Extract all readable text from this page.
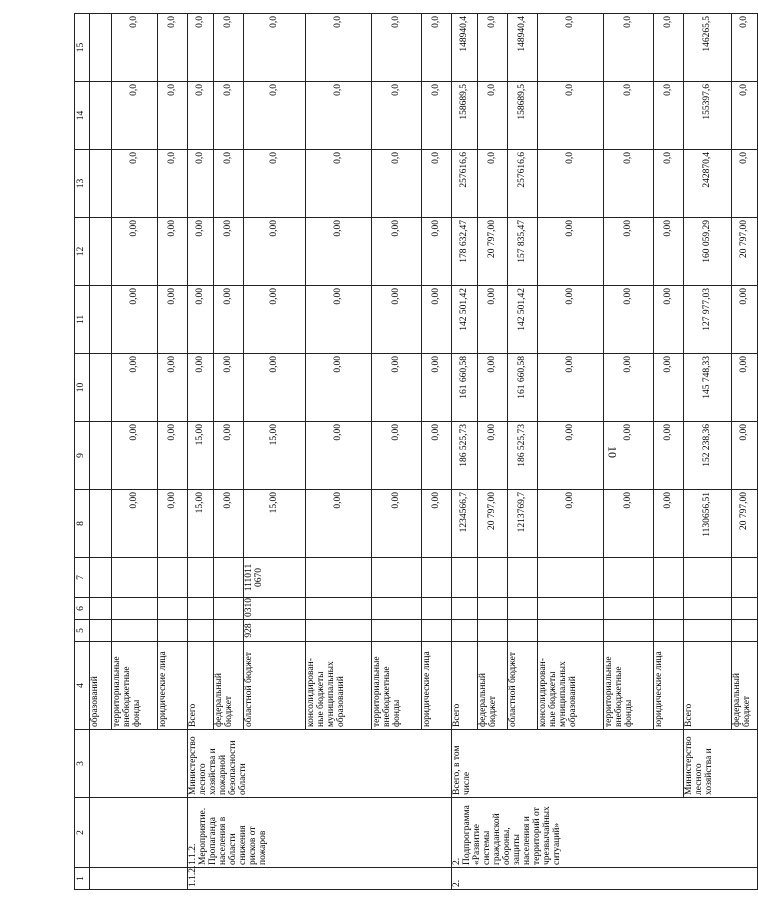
10
1	2	3	4	5	6	7	8	9	10	11	12	13	14	15
			образований											
			территориальные внебюджетные фонды				0,00	0,00	0,00	0,00	0,00	0,0	0,0	0,0
			юридические лица				0,00	0,00	0,00	0,00	0,00	0,0	0,0	0,0
1.1.2.	1.1.2. Мероприятие. Пропаганда населения в области снижения рисков от пожаров	Министерство лесного хозяйства и пожарной безопасности области	Всего				15,00	15,00	0,00	0,00	0,00	0,0	0,0	0,0
			федеральный бюджет				0,00	0,00	0,00	0,00	0,00	0,0	0,0	0,0
			областной бюджет	928	0310	111011 0670	15,00	15,00	0,00	0,00	0,00	0,0	0,0	0,0
			консолидирован-ные бюджеты муниципальных образований				0,00	0,00	0,00	0,00	0,00	0,0	0,0	0,0
			территориальные внебюджетные фонды				0,00	0,00	0,00	0,00	0,00	0,0	0,0	0,0
			юридические лица				0,00	0,00	0,00	0,00	0,00	0,0	0,0	0,0
2.	2. Подпрограмма «Развитие системы гражданской обороны, защиты населения и территорий от чрезвычайных ситуаций»	Всего, в том числе	Всего				1234566,7	186 525,73	161 660,58	142 501,42	178 632,47	257616,6	158689,5	148940,4
			федеральный бюджет				20 797,00	0,00	0,00	0,00	20 797,00	0,0	0,0	0,0
			областной бюджет				1213769,7	186 525,73	161 660,58	142 501,42	157 835,47	257616,6	158689,5	148940,4
			консолидирован-ные бюджеты муниципальных образований				0,00	0,00	0,00	0,00	0,00	0,0	0,0	0,0
			территориальные внебюджетные фонды				0,00	0,00	0,00	0,00	0,00	0,0	0,0	0,0
			юридические лица				0,00	0,00	0,00	0,00	0,00	0,0	0,0	0,0
		Министерство лесного хозяйства и	Всего				1130656,51	152 238,36	145 748,33	127 977,03	160 059,29	242870,4	155397,6	146265,5
			федеральный бюджет				20 797,00	0,00	0,00	0,00	20 797,00	0,0	0,0	0,0
